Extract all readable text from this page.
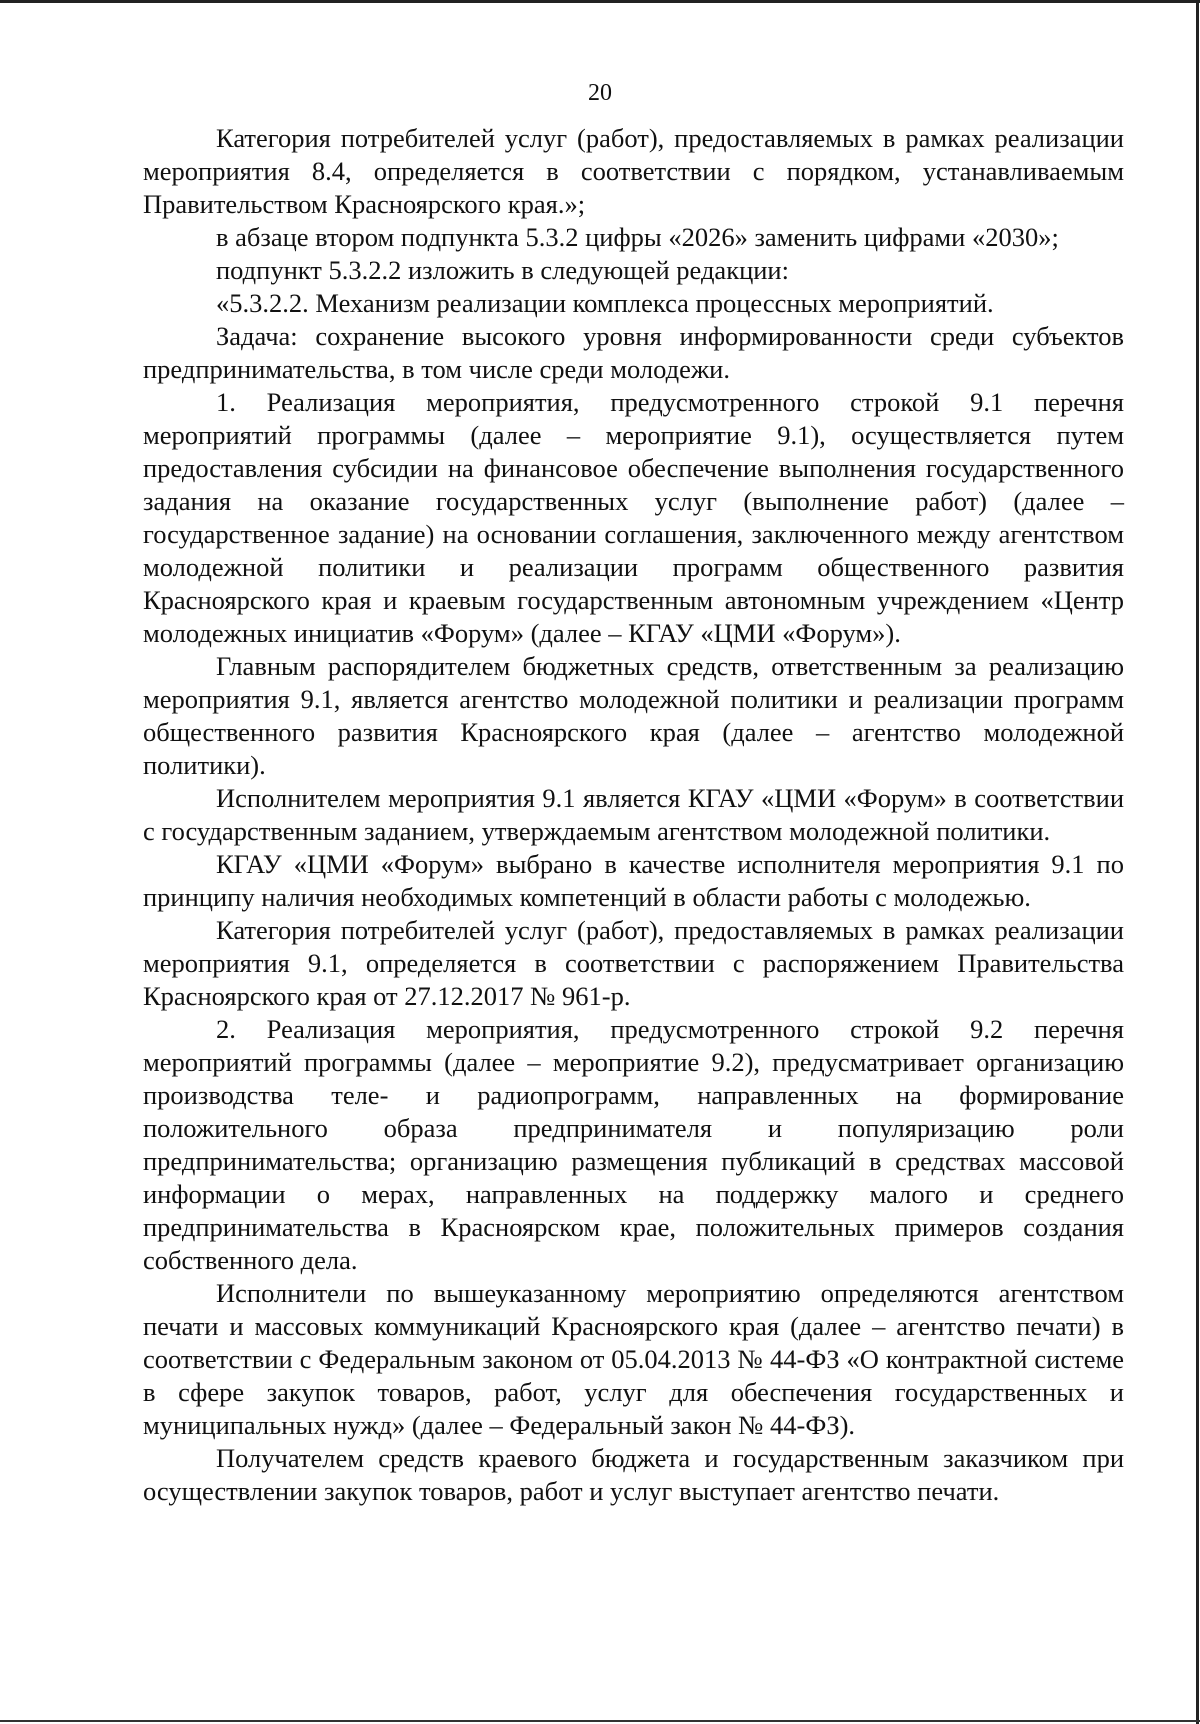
20

Категория потребителей услуг (работ), предоставляемых в рамках реализации мероприятия 8.4, определяется в соответствии с порядком, устанавливаемым Правительством Красноярского края.»;

в абзаце втором подпункта 5.3.2 цифры «2026» заменить цифрами «2030»;

подпункт 5.3.2.2 изложить в следующей редакции:

«5.3.2.2. Механизм реализации комплекса процессных мероприятий.

Задача: сохранение высокого уровня информированности среди субъектов предпринимательства, в том числе среди молодежи.

1. Реализация мероприятия, предусмотренного строкой 9.1 перечня мероприятий программы (далее – мероприятие 9.1), осуществляется путем предоставления субсидии на финансовое обеспечение выполнения государственного задания на оказание государственных услуг (выполнение работ) (далее – государственное задание) на основании соглашения, заключенного между агентством молодежной политики и реализации программ общественного развития Красноярского края и краевым государственным автономным учреждением «Центр молодежных инициатив «Форум» (далее – КГАУ «ЦМИ «Форум»).

Главным распорядителем бюджетных средств, ответственным за реализацию мероприятия 9.1, является агентство молодежной политики и реализации программ общественного развития Красноярского края (далее – агентство молодежной политики).

Исполнителем мероприятия 9.1 является КГАУ «ЦМИ «Форум» в соответствии с государственным заданием, утверждаемым агентством молодежной политики.

КГАУ «ЦМИ «Форум» выбрано в качестве исполнителя мероприятия 9.1 по принципу наличия необходимых компетенций в области работы с молодежью.

Категория потребителей услуг (работ), предоставляемых в рамках реализации мероприятия 9.1, определяется в соответствии с распоряжением Правительства Красноярского края от 27.12.2017 № 961-р.

2. Реализация мероприятия, предусмотренного строкой 9.2 перечня мероприятий программы (далее – мероприятие 9.2), предусматривает организацию производства теле- и радиопрограмм, направленных на формирование положительного образа предпринимателя и популяризацию роли предпринимательства; организацию размещения публикаций в средствах массовой информации о мерах, направленных на поддержку малого и среднего предпринимательства в Красноярском крае, положительных примеров создания собственного дела.

Исполнители по вышеуказанному мероприятию определяются агентством печати и массовых коммуникаций Красноярского края (далее – агентство печати) в соответствии с Федеральным законом от 05.04.2013 № 44-ФЗ «О контрактной системе в сфере закупок товаров, работ, услуг для обеспечения государственных и муниципальных нужд» (далее – Федеральный закон № 44-ФЗ).

Получателем средств краевого бюджета и государственным заказчиком при осуществлении закупок товаров, работ и услуг выступает агентство печати.
